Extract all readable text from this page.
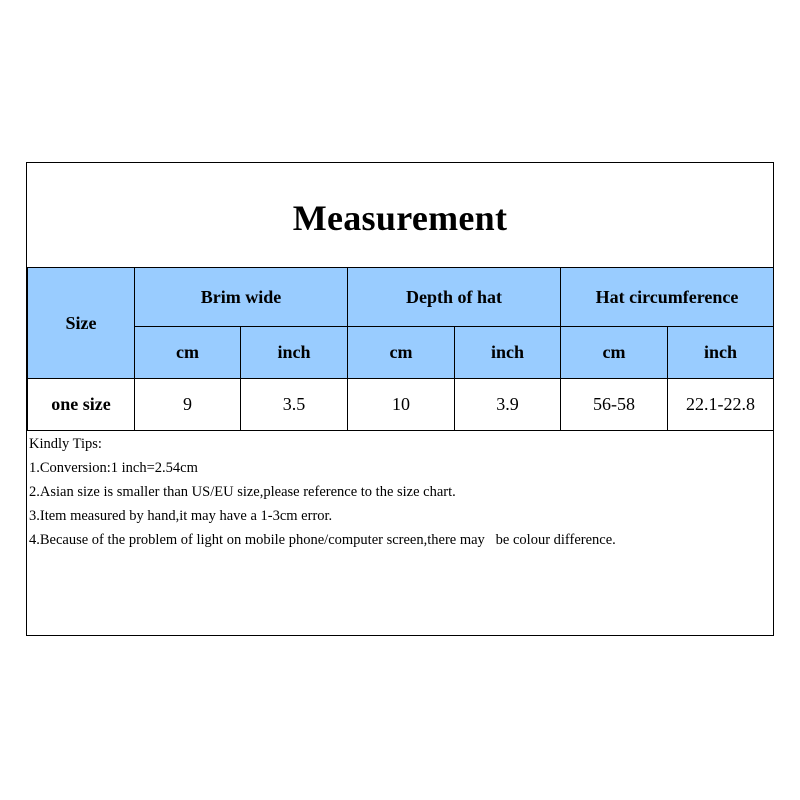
Measurement
Size	Brim wide		Depth of hat		Hat circumference	
	cm	inch	cm	inch	cm	inch
one size	9	3.5	10	3.9	56-58	22.1-22.8
Kindly Tips:
1.Conversion:1 inch=2.54cm
2.Asian size is smaller than US/EU size,please reference to the size chart.
3.Item measured by hand,it may have a 1-3cm error.
4.Because of the problem of light on mobile phone/computer screen,there may   be colour difference.
